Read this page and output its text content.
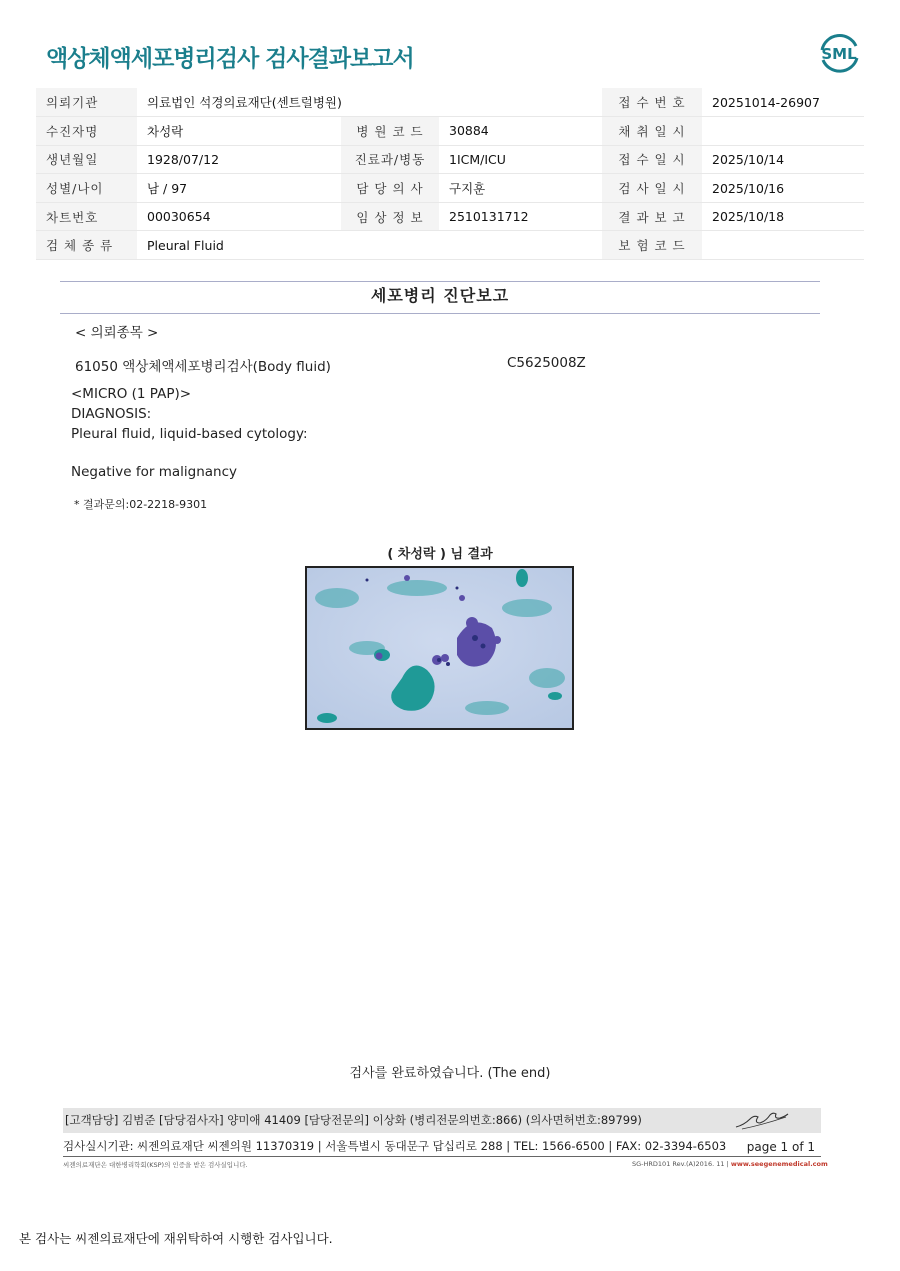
액상체액세포병리검사 검사결과보고서	SML
의뢰기관	의료법인 석경의료재단(센트럴병원)			접 수 번 호	20251014-26907
수진자명	차성락	병 원 코 드	30884	채 취 일 시	
생년월일	1928/07/12	진료과/병동	1ICM/ICU	접 수 일 시	2025/10/14
성별/나이	남 / 97	담 당 의 사	구지훈	검 사 일 시	2025/10/16
차트번호	00030654	임 상 정 보	2510131712	결 과 보 고	2025/10/18
검 체 종 류	Pleural Fluid			보 험 코 드	
세포병리 진단보고
< 의뢰종목 >
61050 액상체액세포병리검사(Body fluid)	C5625008Z
<MICRO (1 PAP)>
DIAGNOSIS:
Pleural fluid, liquid-based cytology:
Negative for malignancy
* 결과문의:02-2218-9301
( 차성락 ) 님 결과
검사를 완료하였습니다. (The end)
[고객담당] 김범준 [담당검사자] 양미애 41409 [담당전문의] 이상화 (병리전문의번호:866) (의사면허번호:89799)
검사실시기관: 씨젠의료재단 씨젠의원 11370319 | 서울특별시 동대문구 답십리로 288 | TEL: 1566-6500 | FAX: 02-3394-6503 page 1 of 1
씨젠의료재단은 대한병리학회(KSP)의 인증을 받은 검사실입니다.	SG-HRD101 Rev.(A)2016. 11 | www.seegenemedical.com
본 검사는 씨젠의료재단에 재위탁하여 시행한 검사입니다.
